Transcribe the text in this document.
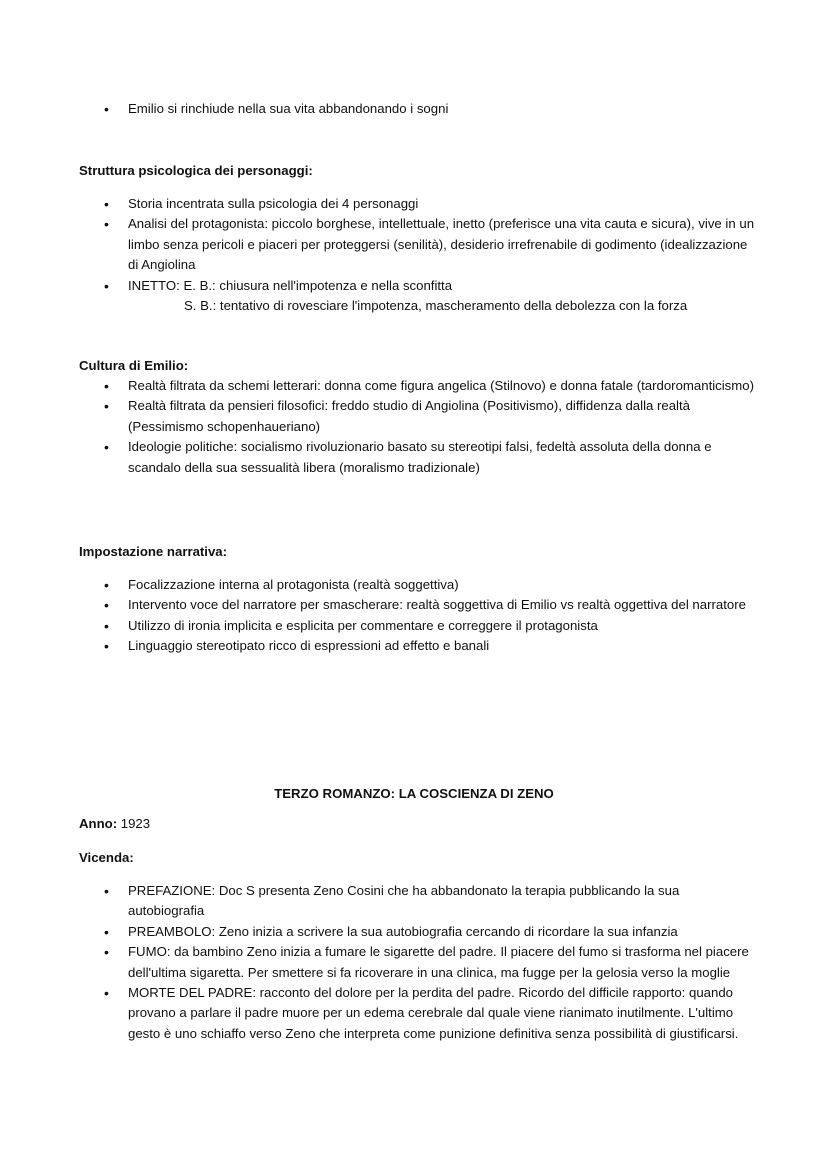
• Emilio si rinchiude nella sua vita abbandonando i sogni
Struttura psicologica dei personaggi:
• Storia incentrata sulla psicologia dei 4 personaggi
• Analisi del protagonista: piccolo borghese, intellettuale, inetto (preferisce una vita cauta e sicura), vive in un limbo senza pericoli e piaceri per proteggersi (senilità), desiderio irrefrenabile di godimento (idealizzazione di Angiolina
• INETTO: E. B.: chiusura nell'impotenza e nella sconfitta
S. B.: tentativo di rovesciare l'impotenza, mascheramento della debolezza con la forza
Cultura di Emilio:
• Realtà filtrata da schemi letterari: donna come figura angelica (Stilnovo) e donna fatale (tardoromanticismo)
• Realtà filtrata da pensieri filosofici: freddo studio di Angiolina (Positivismo), diffidenza dalla realtà (Pessimismo schopenhaueriano)
• Ideologie politiche: socialismo rivoluzionario basato su stereotipi falsi, fedeltà assoluta della donna e scandalo della sua sessualità libera (moralismo tradizionale)
Impostazione narrativa:
• Focalizzazione interna al protagonista (realtà soggettiva)
• Intervento voce del narratore per smascherare: realtà soggettiva di Emilio vs realtà oggettiva del narratore
• Utilizzo di ironia implicita e esplicita per commentare e correggere il protagonista
• Linguaggio stereotipato ricco di espressioni ad effetto e banali
TERZO ROMANZO: LA COSCIENZA DI ZENO
Anno: 1923
Vicenda:
• PREFAZIONE: Doc S presenta Zeno Cosini che ha abbandonato la terapia pubblicando la sua autobiografia
• PREAMBOLO: Zeno inizia a scrivere la sua autobiografia cercando di ricordare la sua infanzia
• FUMO: da bambino Zeno inizia a fumare le sigarette del padre. Il piacere del fumo si trasforma nel piacere dell'ultima sigaretta. Per smettere si fa ricoverare in una clinica, ma fugge per la gelosia verso la moglie
• MORTE DEL PADRE: racconto del dolore per la perdita del padre. Ricordo del difficile rapporto: quando provano a parlare il padre muore per un edema cerebrale dal quale viene rianimato inutilmente. L'ultimo gesto è uno schiaffo verso Zeno che interpreta come punizione definitiva senza possibilità di giustificarsi.
